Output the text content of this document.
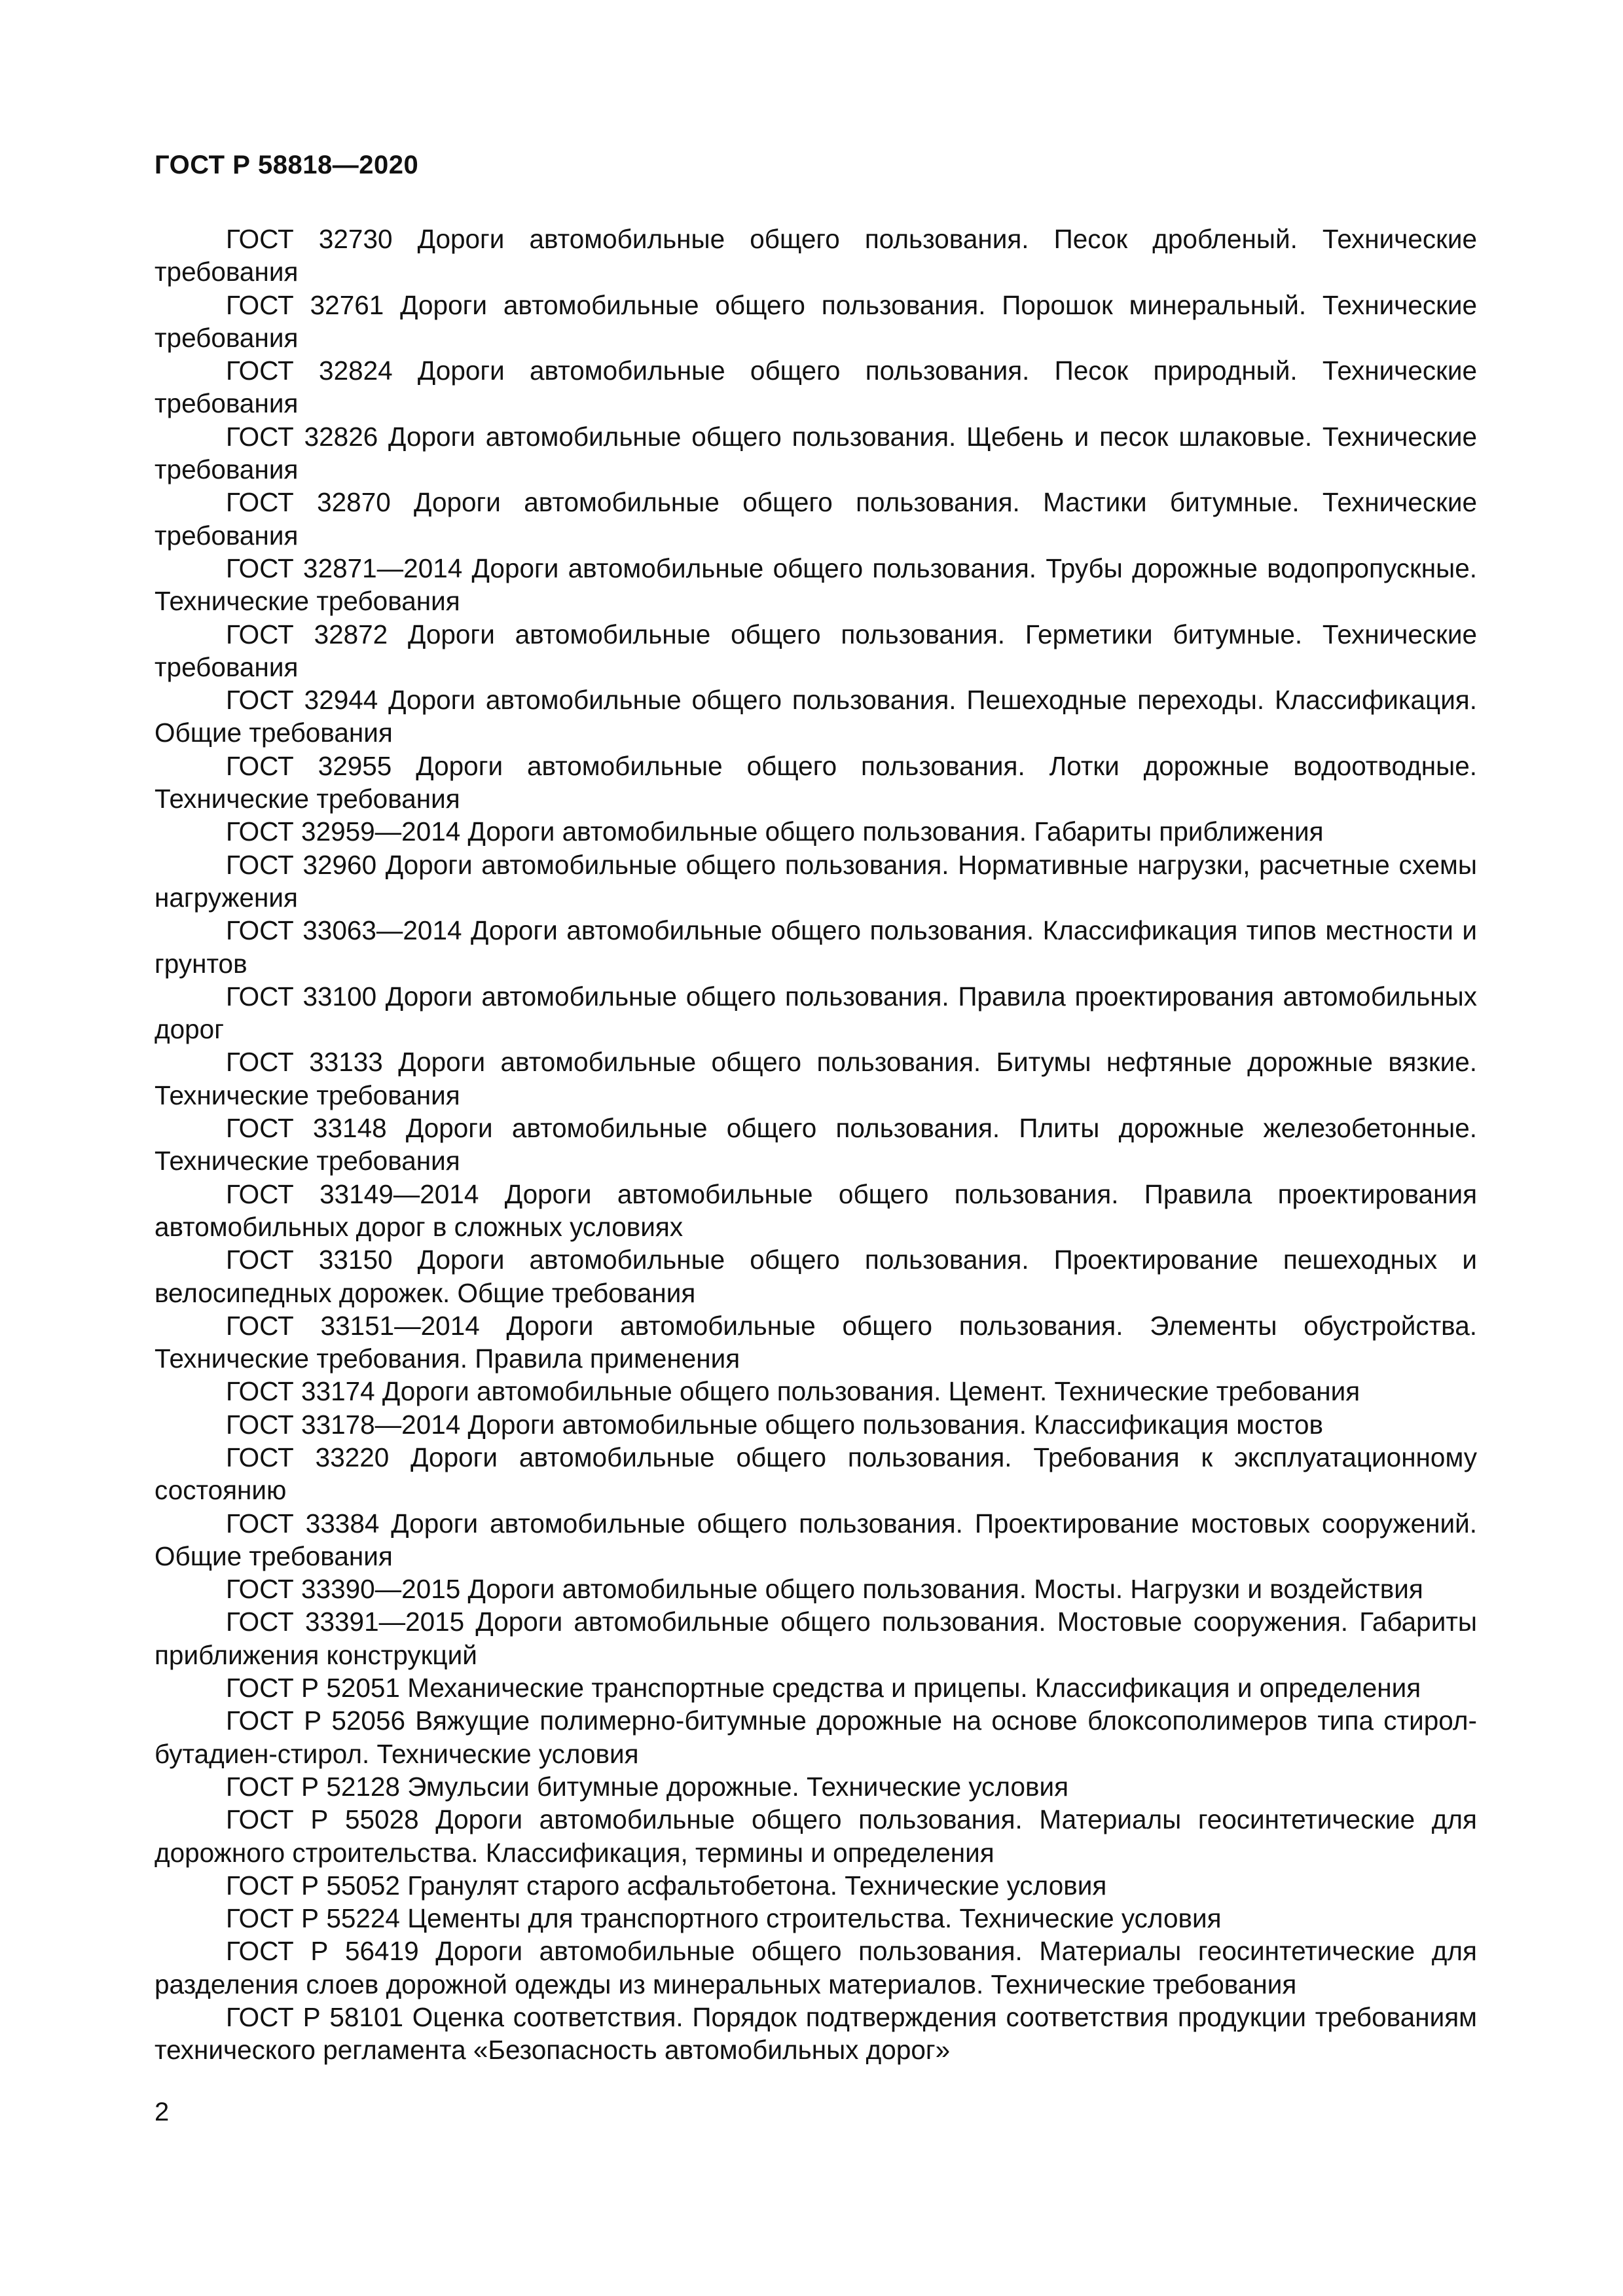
ГОСТ Р 58818—2020
ГОСТ 32730 Дороги автомобильные общего пользования. Песок дробленый. Технические требования
ГОСТ 32761 Дороги автомобильные общего пользования. Порошок минеральный. Технические требования
ГОСТ 32824 Дороги автомобильные общего пользования. Песок природный. Технические требования
ГОСТ 32826 Дороги автомобильные общего пользования. Щебень и песок шлаковые. Технические требования
ГОСТ 32870 Дороги автомобильные общего пользования. Мастики битумные. Технические требования
ГОСТ 32871—2014 Дороги автомобильные общего пользования. Трубы дорожные водопропускные. Технические требования
ГОСТ 32872 Дороги автомобильные общего пользования. Герметики битумные. Технические требования
ГОСТ 32944 Дороги автомобильные общего пользования. Пешеходные переходы. Классификация. Общие требования
ГОСТ 32955 Дороги автомобильные общего пользования. Лотки дорожные водоотводные. Технические требования
ГОСТ 32959—2014 Дороги автомобильные общего пользования. Габариты приближения
ГОСТ 32960 Дороги автомобильные общего пользования. Нормативные нагрузки, расчетные схемы нагружения
ГОСТ 33063—2014 Дороги автомобильные общего пользования. Классификация типов местности и грунтов
ГОСТ 33100 Дороги автомобильные общего пользования. Правила проектирования автомобильных дорог
ГОСТ 33133 Дороги автомобильные общего пользования. Битумы нефтяные дорожные вязкие. Технические требования
ГОСТ 33148 Дороги автомобильные общего пользования. Плиты дорожные железобетонные. Технические требования
ГОСТ 33149—2014 Дороги автомобильные общего пользования. Правила проектирования автомобильных дорог в сложных условиях
ГОСТ 33150 Дороги автомобильные общего пользования. Проектирование пешеходных и велосипедных дорожек. Общие требования
ГОСТ 33151—2014 Дороги автомобильные общего пользования. Элементы обустройства. Технические требования. Правила применения
ГОСТ 33174 Дороги автомобильные общего пользования. Цемент. Технические требования
ГОСТ 33178—2014 Дороги автомобильные общего пользования. Классификация мостов
ГОСТ 33220 Дороги автомобильные общего пользования. Требования к эксплуатационному состоянию
ГОСТ 33384 Дороги автомобильные общего пользования. Проектирование мостовых сооружений. Общие требования
ГОСТ 33390—2015 Дороги автомобильные общего пользования. Мосты. Нагрузки и воздействия
ГОСТ 33391—2015 Дороги автомобильные общего пользования. Мостовые сооружения. Габариты приближения конструкций
ГОСТ Р 52051 Механические транспортные средства и прицепы. Классификация и определения
ГОСТ Р 52056 Вяжущие полимерно-битумные дорожные на основе блоксополимеров типа стирол-бутадиен-стирол. Технические условия
ГОСТ Р 52128 Эмульсии битумные дорожные. Технические условия
ГОСТ Р 55028 Дороги автомобильные общего пользования. Материалы геосинтетические для дорожного строительства. Классификация, термины и определения
ГОСТ Р 55052 Гранулят старого асфальтобетона. Технические условия
ГОСТ Р 55224 Цементы для транспортного строительства. Технические условия
ГОСТ Р 56419 Дороги автомобильные общего пользования. Материалы геосинтетические для разделения слоев дорожной одежды из минеральных материалов. Технические требования
ГОСТ Р 58101 Оценка соответствия. Порядок подтверждения соответствия продукции требованиям технического регламента «Безопасность автомобильных дорог»
2
